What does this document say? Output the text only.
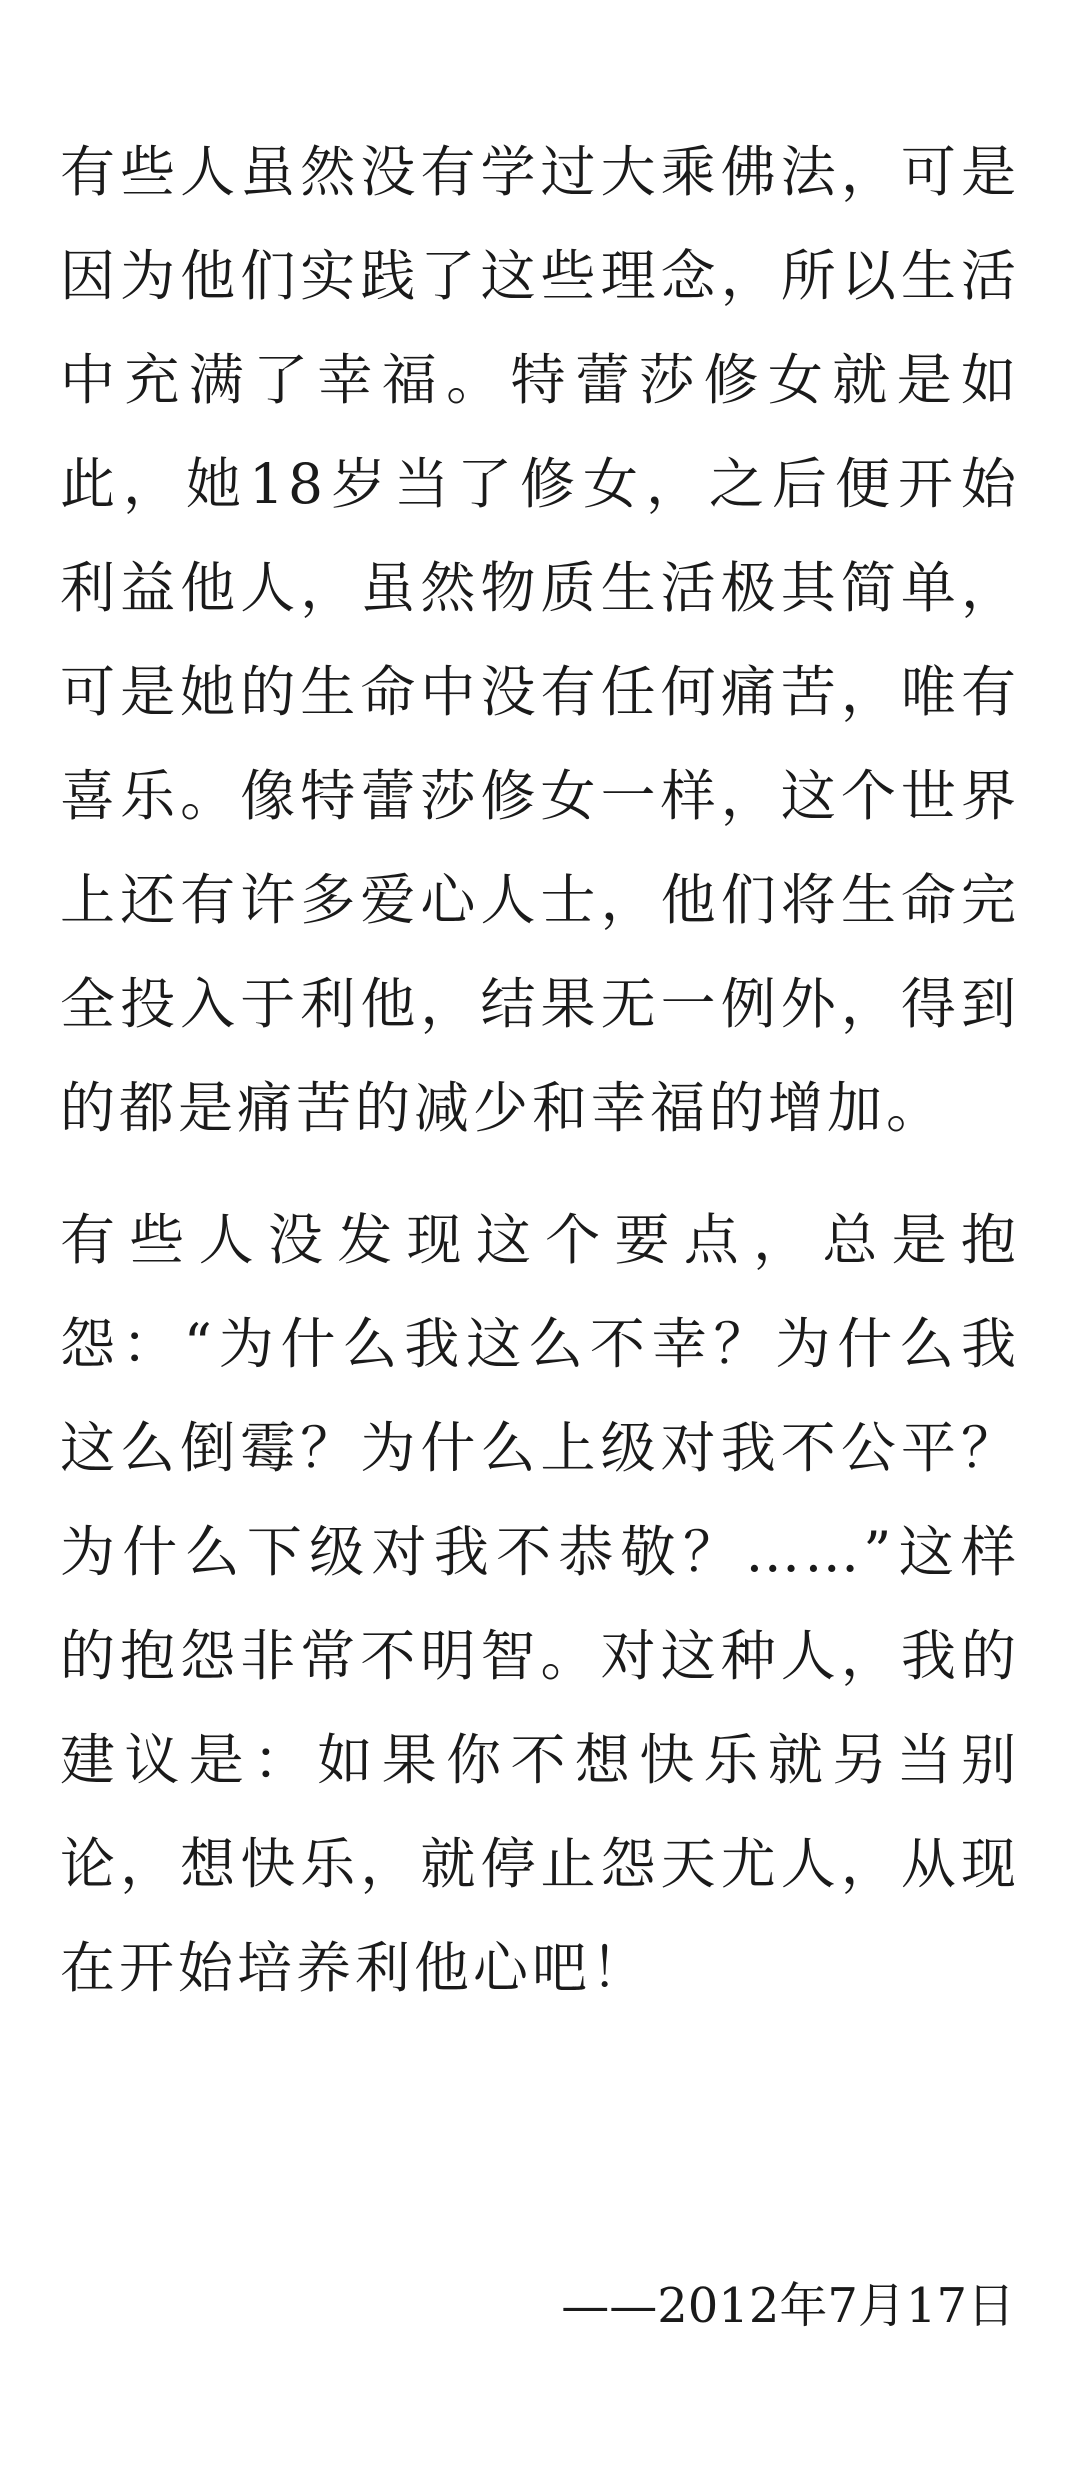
有些人虽然没有学过大乘佛法，可是因为他们实践了这些理念，所以生活中充满了幸福。特蕾莎修女就是如此，她18岁当了修女，之后便开始利益他人，虽然物质生活极其简单，可是她的生命中没有任何痛苦，唯有喜乐。像特蕾莎修女一样，这个世界上还有许多爱心人士，他们将生命完全投入于利他，结果无一例外，得到的都是痛苦的减少和幸福的增加。

有些人没发现这个要点，总是抱怨：“为什么我这么不幸？为什么我这么倒霉？为什么上级对我不公平？ 为什么下级对我不恭敬？……”这样的抱怨非常不明智。对这种人，我的建议是：如果你不想快乐就另当别论，想快乐，就停止怨天尤人，从现在开始培养利他心吧！

——2012年7月17日
